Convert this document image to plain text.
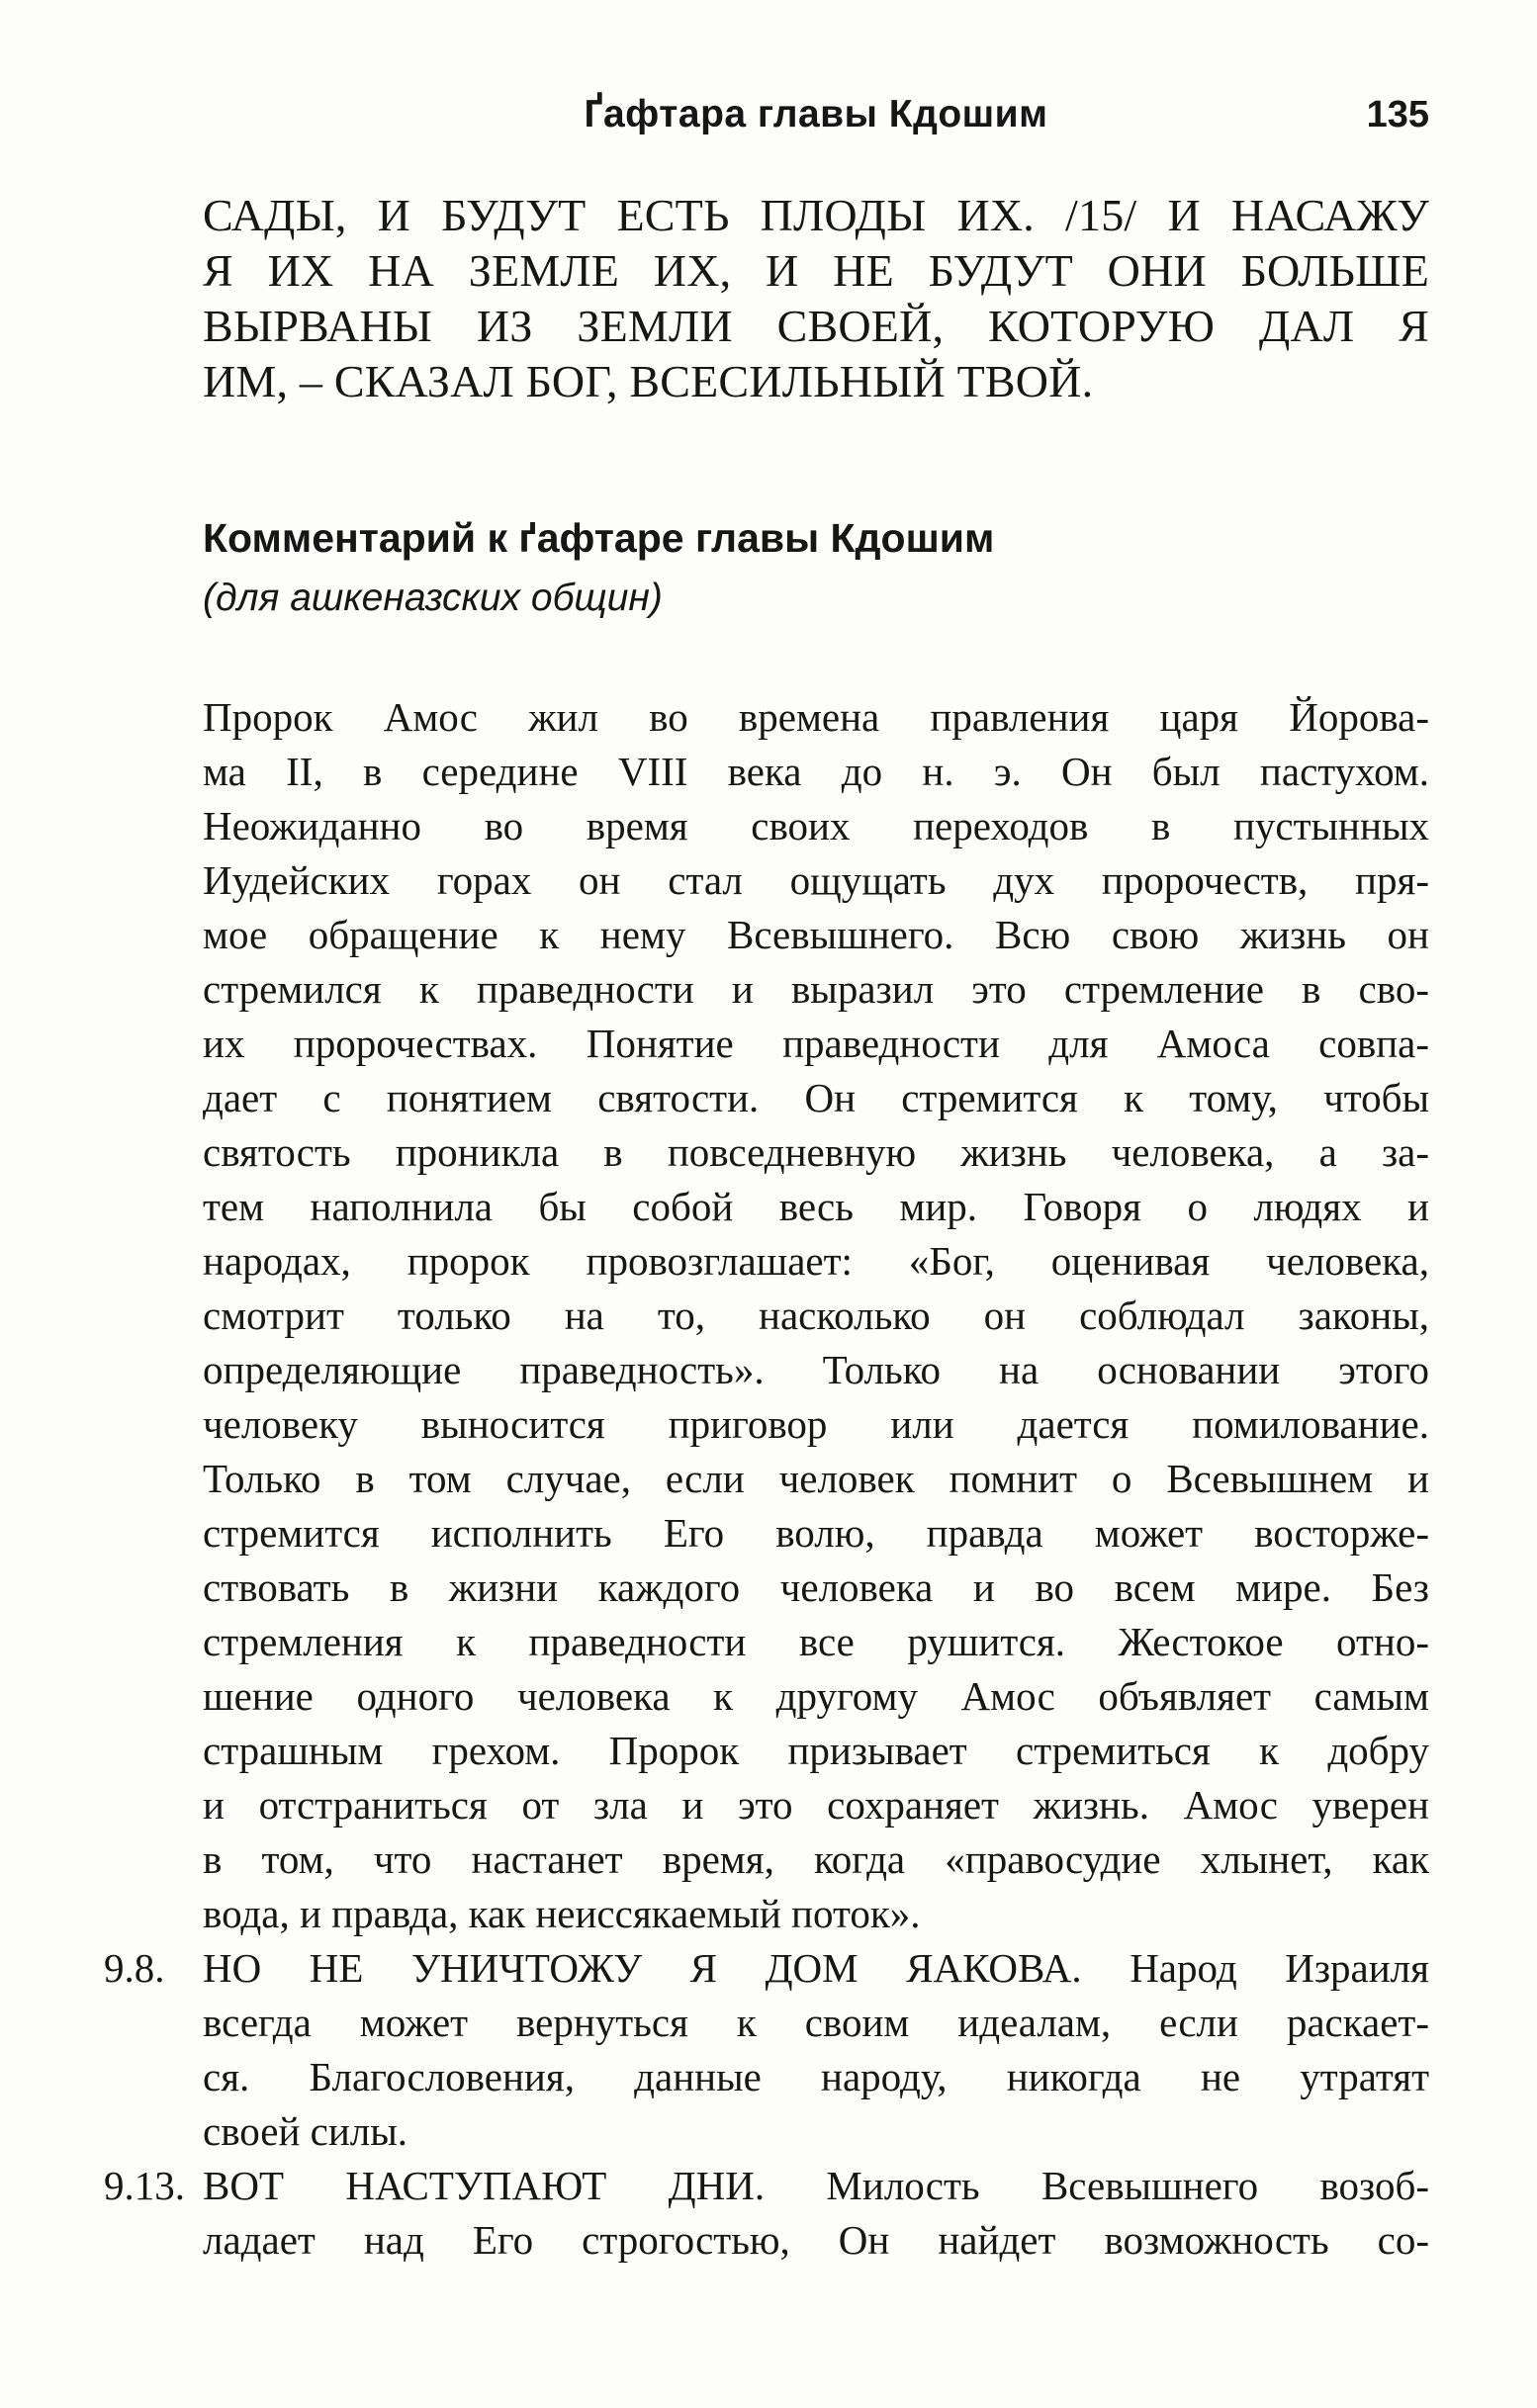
Ґафтара главы Кдошим	135
САДЫ, И БУДУТ ЕСТЬ ПЛОДЫ ИХ. /15/ И НАСАЖУ
Я ИХ НА ЗЕМЛЕ ИХ, И НЕ БУДУТ ОНИ БОЛЬШЕ
ВЫРВАНЫ ИЗ ЗЕМЛИ СВОЕЙ, КОТОРУЮ ДАЛ Я
ИМ, – СКАЗАЛ БОГ, ВСЕСИЛЬНЫЙ ТВОЙ.
Комментарий к ґафтаре главы Кдошим
(для ашкеназских общин)
Пророк Амос жил во времена правления царя Йорова-
ма II, в середине VIII века до н. э. Он был пастухом.
Неожиданно во время своих переходов в пустынных
Иудейских горах он стал ощущать дух пророчеств, пря-
мое обращение к нему Всевышнего. Всю свою жизнь он
стремился к праведности и выразил это стремление в сво-
их пророчествах. Понятие праведности для Амоса совпа-
дает с понятием святости. Он стремится к тому, чтобы
святость проникла в повседневную жизнь человека, а за-
тем наполнила бы собой весь мир. Говоря о людях и
народах, пророк провозглашает: «Бог, оценивая человека,
смотрит только на то, насколько он соблюдал законы,
определяющие праведность». Только на основании этого
человеку выносится приговор или дается помилование.
Только в том случае, если человек помнит о Всевышнем и
стремится исполнить Его волю, правда может восторже-
ствовать в жизни каждого человека и во всем мире. Без
стремления к праведности все рушится. Жестокое отно-
шение одного человека к другому Амос объявляет самым
страшным грехом. Пророк призывает стремиться к добру
и отстраниться от зла и это сохраняет жизнь. Амос уверен
в том, что настанет время, когда «правосудие хлынет, как
вода, и правда, как неиссякаемый поток».
9.8. НО НЕ УНИЧТОЖУ Я ДОМ ЯАКОВА. Народ Израиля
всегда может вернуться к своим идеалам, если раскает-
ся. Благословения, данные народу, никогда не утратят
своей силы.
9.13. ВОТ НАСТУПАЮТ ДНИ. Милость Всевышнего возоб-
ладает над Его строгостью, Он найдет возможность со-
